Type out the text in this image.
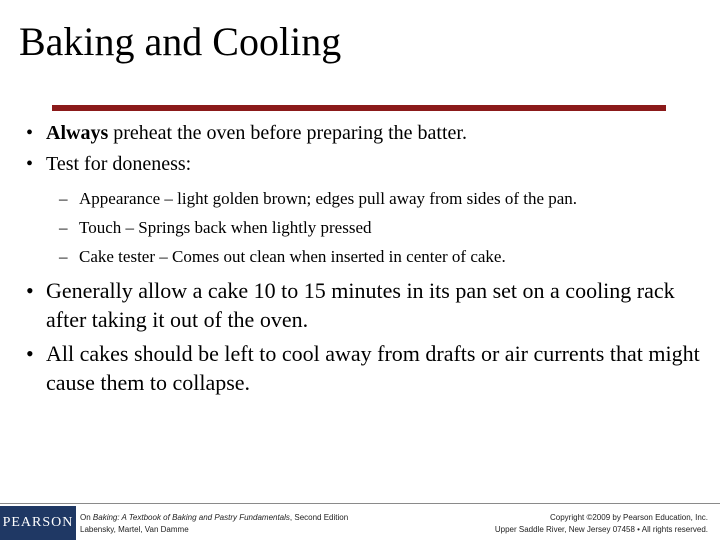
Baking and Cooling
• Always preheat the oven before preparing the batter.
• Test for doneness:
– Appearance – light golden brown; edges pull away from sides of the pan.
– Touch – Springs back when lightly pressed
– Cake tester – Comes out clean when inserted in center of cake.
• Generally allow a cake 10 to 15 minutes in its pan set on a cooling rack after taking it out of the oven.
• All cakes should be left to cool away from drafts or air currents that might cause them to collapse.
PEARSON On Baking: A Textbook of Baking and Pastry Fundamentals, Second Edition
Labensky, Martel, Van Damme
Copyright ©2009 by Pearson Education, Inc.
Upper Saddle River, New Jersey 07458 • All rights reserved.
